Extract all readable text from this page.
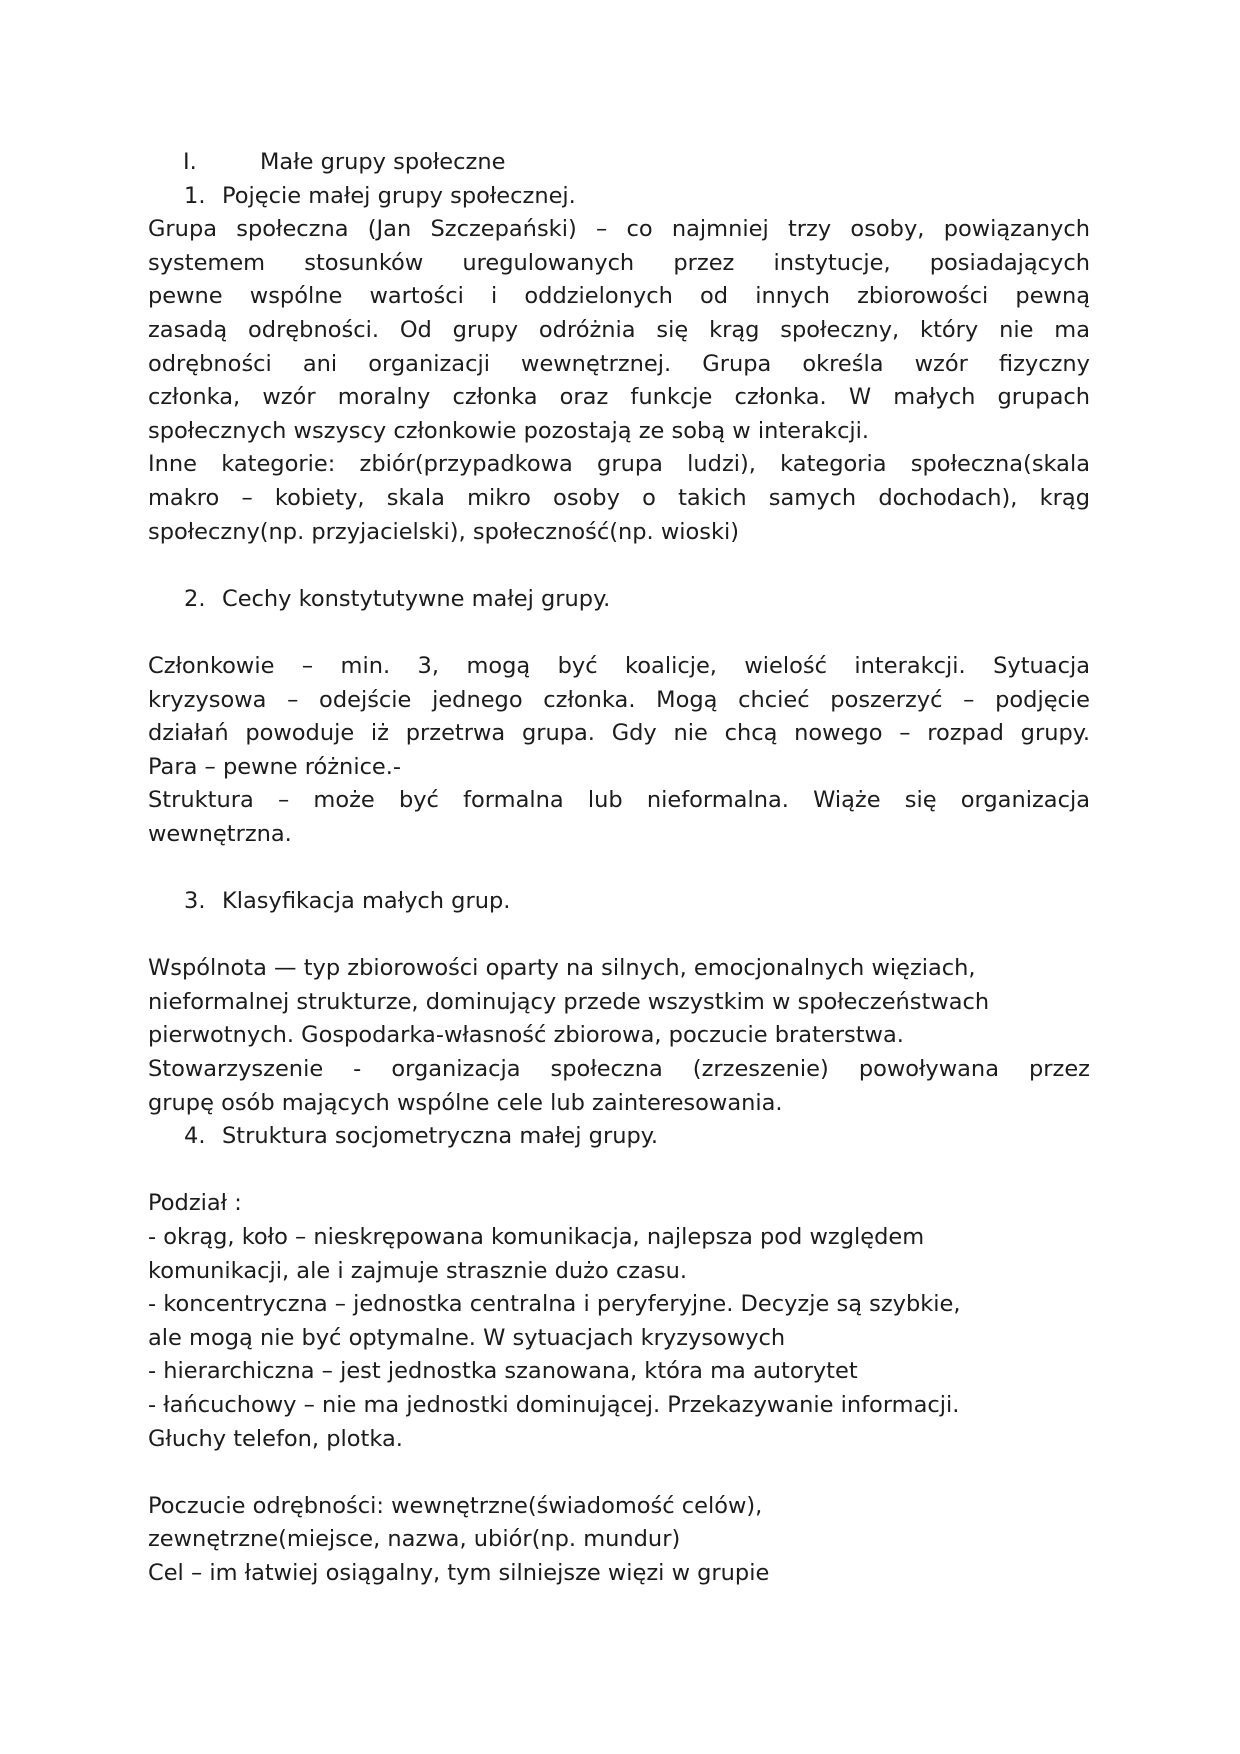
I.	Małe grupy społeczne
1. Pojęcie małej grupy społecznej.
Grupa społeczna (Jan Szczepański) – co najmniej trzy osoby, powiązanych
systemem stosunków uregulowanych przez instytucje, posiadających
pewne wspólne wartości i oddzielonych od innych zbiorowości pewną
zasadą odrębności. Od grupy odróżnia się krąg społeczny, który nie ma
odrębności ani organizacji wewnętrznej. Grupa określa wzór fizyczny
członka, wzór moralny członka oraz funkcje członka. W małych grupach
społecznych wszyscy członkowie pozostają ze sobą w interakcji.
Inne kategorie: zbiór(przypadkowa grupa ludzi), kategoria społeczna(skala
makro – kobiety, skala mikro osoby o takich samych dochodach), krąg
społeczny(np. przyjacielski), społeczność(np. wioski)
2. Cechy konstytutywne małej grupy.
Członkowie – min. 3, mogą być koalicje, wielość interakcji. Sytuacja
kryzysowa – odejście jednego członka. Mogą chcieć poszerzyć – podjęcie
działań powoduje iż przetrwa grupa. Gdy nie chcą nowego – rozpad grupy.
Para – pewne różnice.-
Struktura – może być formalna lub nieformalna. Wiąże się organizacja
wewnętrzna.
3. Klasyfikacja małych grup.
Wspólnota — typ zbiorowości oparty na silnych, emocjonalnych więziach,
nieformalnej strukturze, dominujący przede wszystkim w społeczeństwach
pierwotnych. Gospodarka-własność zbiorowa, poczucie braterstwa.
Stowarzyszenie - organizacja społeczna (zrzeszenie) powoływana przez
grupę osób mających wspólne cele lub zainteresowania.
4. Struktura socjometryczna małej grupy.
Podział :
- okrąg, koło – nieskrępowana komunikacja, najlepsza pod względem
komunikacji, ale i zajmuje strasznie dużo czasu.
- koncentryczna – jednostka centralna i peryferyjne. Decyzje są szybkie,
ale mogą nie być optymalne. W sytuacjach kryzysowych
- hierarchiczna – jest jednostka szanowana, która ma autorytet
- łańcuchowy – nie ma jednostki dominującej. Przekazywanie informacji.
Głuchy telefon, plotka.
Poczucie odrębności: wewnętrzne(świadomość celów),
zewnętrzne(miejsce, nazwa, ubiór(np. mundur)
Cel – im łatwiej osiągalny, tym silniejsze więzi w grupie
